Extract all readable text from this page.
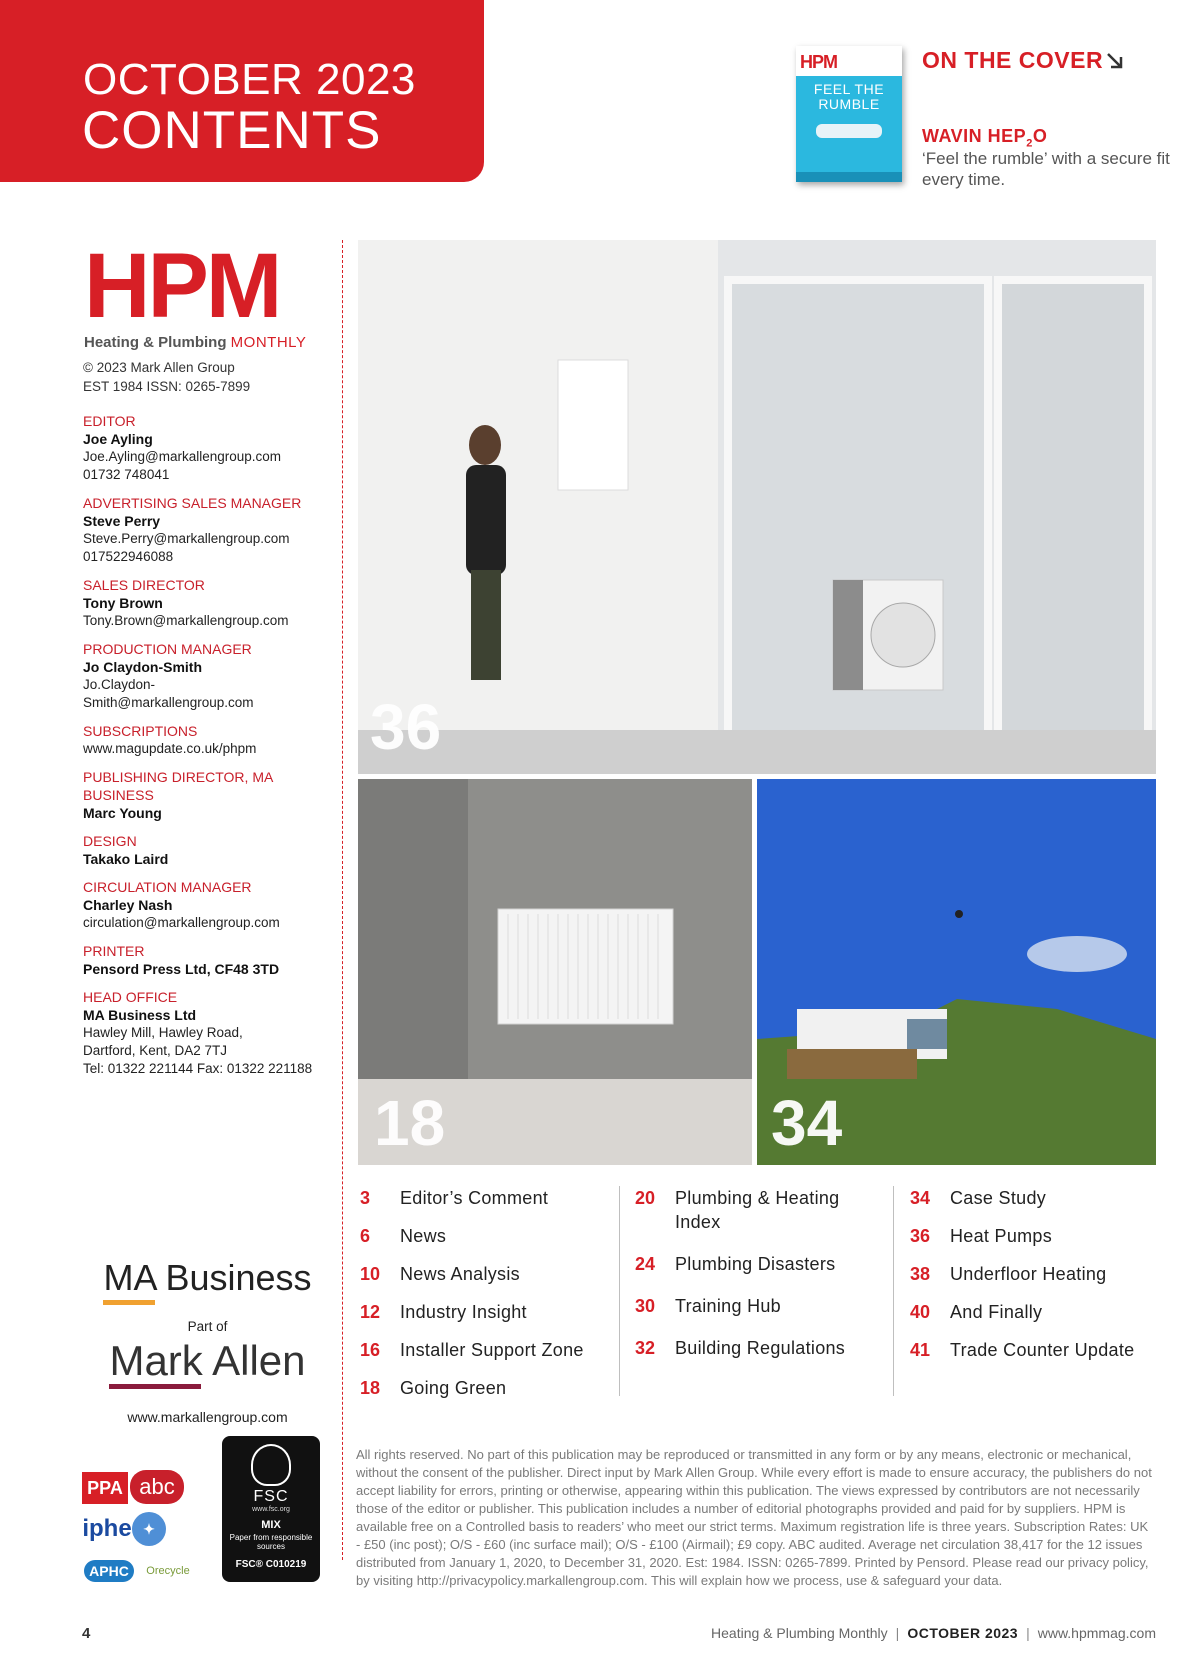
OCTOBER 2023
CONTENTS
HPM
FEEL THE RUMBLE
ON THE COVER
WAVIN $HEP_2O$
‘Feel the rumble’ with a secure fit every time.
HPM
Heating & Plumbing MONTHLY
© 2023 Mark Allen Group
EST 1984 ISSN: 0265-7899
EDITOR
Joe Ayling
Joe.Ayling@markallengroup.com
01732 748041
ADVERTISING SALES MANAGER
Steve Perry
Steve.Perry@markallengroup.com
017522946088
SALES DIRECTOR
Tony Brown
Tony.Brown@markallengroup.com
PRODUCTION MANAGER
Jo Claydon-Smith
Jo.Claydon-Smith@markallengroup.com
SUBSCRIPTIONS
www.magupdate.co.uk/phpm
PUBLISHING DIRECTOR, MA BUSINESS
Marc Young
DESIGN
Takako Laird
CIRCULATION MANAGER
Charley Nash
circulation@markallengroup.com
PRINTER
Pensord Press Ltd, CF48 3TD
HEAD OFFICE
MA Business Ltd
Hawley Mill, Hawley Road,
Dartford, Kent, DA2 7TJ
Tel: 01322 221144 Fax: 01322 221188
36
18	34
3	Editor’s Comment
6	News
10	News Analysis
12	Industry Insight
16	Installer Support Zone
18	Going Green
20	Plumbing & Heating Index
24	Plumbing Disasters
30	Training Hub
32	Building Regulations
34	Case Study
36	Heat Pumps
38	Underfloor Heating
40	And Finally
41	Trade Counter Update
MA Business
Part of
Mark Allen
www.markallengroup.com
PPA abc
iphe ✦
APHC	Orecycle
FSC
www.fsc.org
MIX
Paper from responsible sources
FSC® C010219
All rights reserved. No part of this publication may be reproduced or transmitted in any form or by any means, electronic or mechanical, without the consent of the publisher. Direct input by Mark Allen Group. While every effort is made to ensure accuracy, the publishers do not accept liability for errors, printing or otherwise, appearing within this publication. The views expressed by contributors are not necessarily those of the editor or publisher. This publication includes a number of editorial photographs provided and paid for by suppliers. HPM is available free on a Controlled basis to readers’ who meet our strict terms. Maximum registration life is three years. Subscription Rates: UK - £50 (inc post); O/S - £60 (inc surface mail); O/S - £100 (Airmail); £9 copy. ABC audited. Average net circulation 38,417 for the 12 issues distributed from January 1, 2020, to December 31, 2020. Est: 1984. ISSN: 0265-7899. Printed by Pensord. Please read our privacy policy, by visiting http://privacypolicy.markallengroup.com. This will explain how we process, use & safeguard your data.
4	Heating & Plumbing Monthly | OCTOBER 2023 | www.hpmmag.com
